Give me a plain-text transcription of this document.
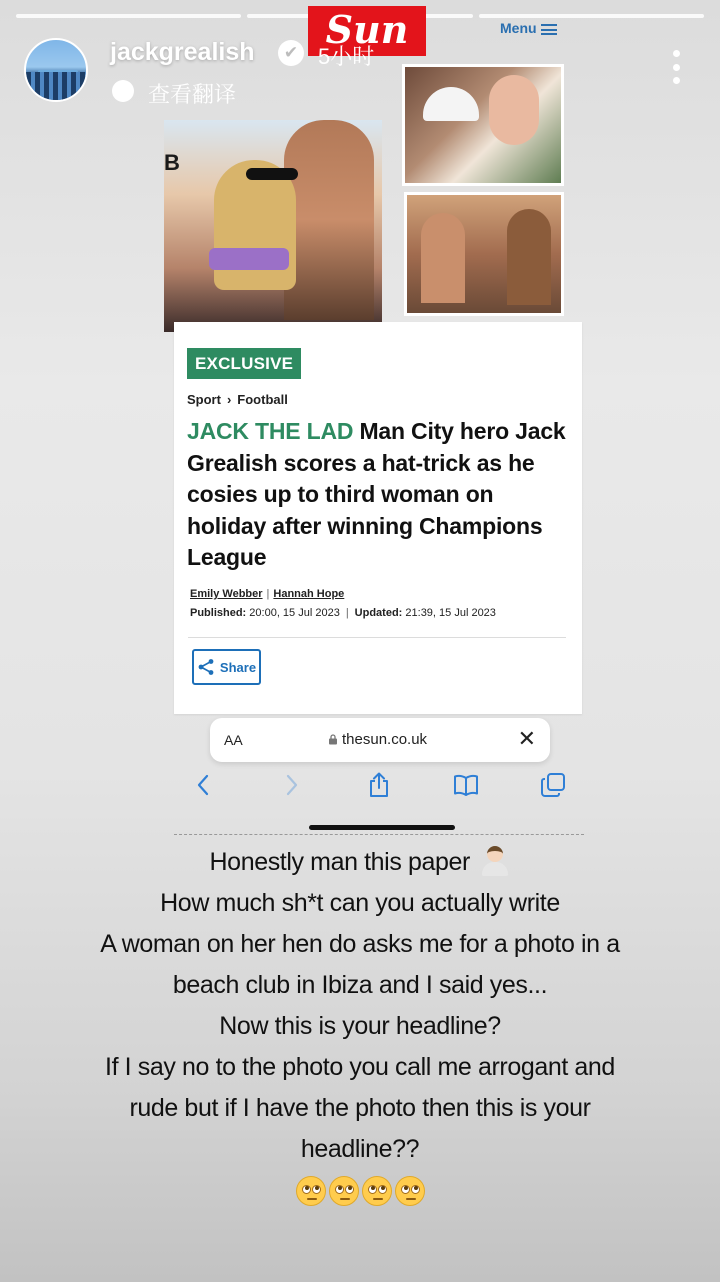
jackgrealish	✔
Sun
5小时
Menu
查看翻译
B
EXCLUSIVE
Sport › Football
JACK THE LAD Man City hero Jack Grealish scores a hat-trick as he cosies up to third woman on holiday after winning Champions League
Emily Webber | Hannah Hope
Published: 20:00, 15 Jul 2023 | Updated: 21:39, 15 Jul 2023
Share
AA	thesun.co.uk	✕
Honestly man this paper
How much sh*t can you actually write
A woman on her hen do asks me for a photo in a
beach club in Ibiza and I said yes...
Now this is your headline?
If I say no to the photo you call me arrogant and
rude but if I have the photo then this is your
headline??
